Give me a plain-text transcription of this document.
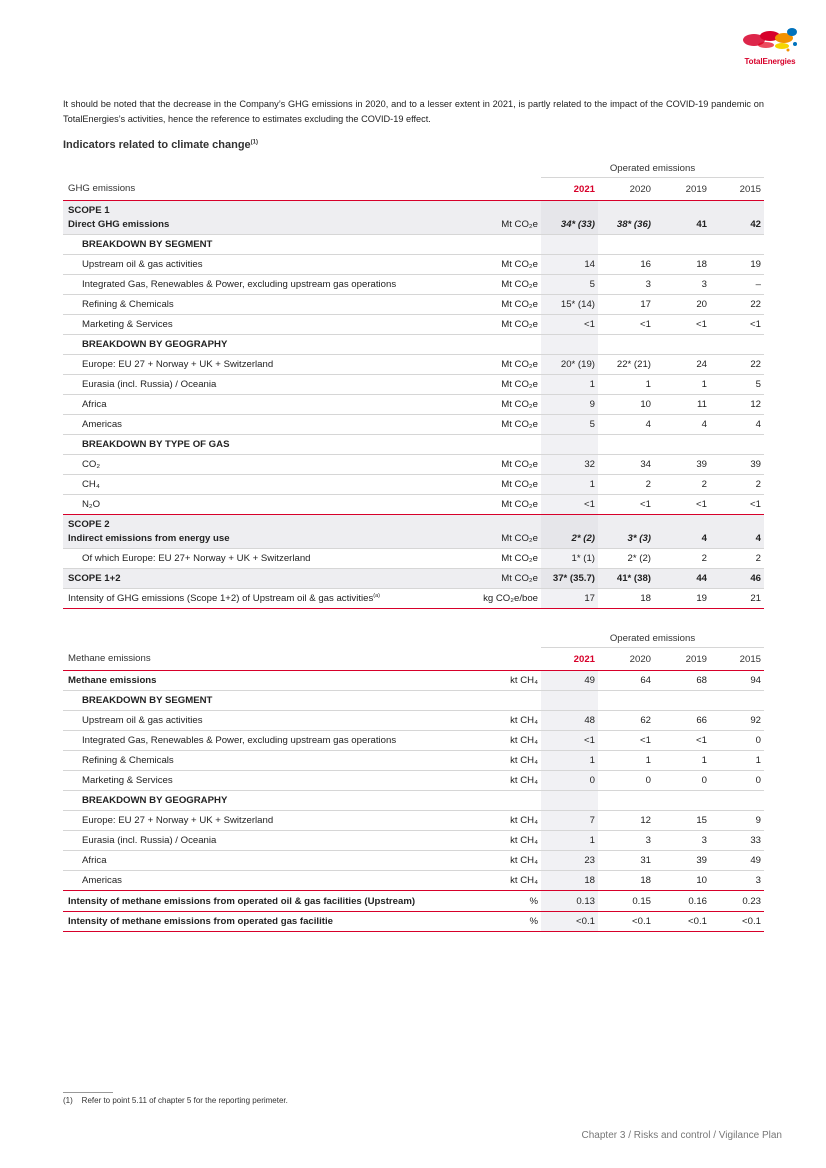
TotalEnergies

It should be noted that the decrease in the Company’s GHG emissions in 2020, and to a lesser extent in 2021, is partly related to the impact of the COVID-19 pandemic on TotalEnergies’s activities, hence the reference to estimates excluding the COVID-19 effect.

Indicators related to climate change$^{(1)}$
		Operated emissions			
GHG emissions		2021	2020	2019	2015

SCOPE 1
Direct GHG emissions	Mt CO₂e	34* (33)	38* (36)	41	42
BREAKDOWN BY SEGMENT					
Upstream oil & gas activities	Mt CO₂e	14	16	18	19
Integrated Gas, Renewables & Power, excluding upstream gas operations	Mt CO₂e	5	3	3	–
Refining & Chemicals	Mt CO₂e	15* (14)	17	20	22
Marketing & Services	Mt CO₂e	<1	<1	<1	<1
BREAKDOWN BY GEOGRAPHY					
Europe: EU 27 + Norway + UK + Switzerland	Mt CO₂e	20* (19)	22* (21)	24	22
Eurasia (incl. Russia) / Oceania	Mt CO₂e	1	1	1	5
Africa	Mt CO₂e	9	10	11	12
Americas	Mt CO₂e	5	4	4	4
BREAKDOWN BY TYPE OF GAS					
CO₂	Mt CO₂e	32	34	39	39
CH₄	Mt CO₂e	1	2	2	2
N₂O	Mt CO₂e	<1	<1	<1	<1

SCOPE 2
Indirect emissions from energy use	Mt CO₂e	2* (2)	3* (3)	4	4
Of which Europe: EU 27+ Norway + UK + Switzerland	Mt CO₂e	1* (1)	2* (2)	2	2
SCOPE 1+2	Mt CO₂e	37* (35.7)	41* (38)	44	46
Intensity of GHG emissions (Scope 1+2) of Upstream oil & gas activities$^{(a)}$	kg CO₂e/boe	17	18	19	21
		Operated emissions			
Methane emissions		2021	2020	2019	2015
Methane emissions	kt CH₄	49	64	68	94
BREAKDOWN BY SEGMENT					
Upstream oil & gas activities	kt CH₄	48	62	66	92
Integrated Gas, Renewables & Power, excluding upstream gas operations	kt CH₄	<1	<1	<1	0
Refining & Chemicals	kt CH₄	1	1	1	1
Marketing & Services	kt CH₄	0	0	0	0
BREAKDOWN BY GEOGRAPHY					
Europe: EU 27 + Norway + UK + Switzerland	kt CH₄	7	12	15	9
Eurasia (incl. Russia) / Oceania	kt CH₄	1	3	3	33
Africa	kt CH₄	23	31	39	49
Americas	kt CH₄	18	18	10	3
Intensity of methane emissions from operated oil & gas facilities (Upstream)	%	0.13	0.15	0.16	0.23
Intensity of methane emissions from operated gas facilitie	%	<0.1	<0.1	<0.1	<0.1
(1)    Refer to point 5.11 of chapter 5 for the reporting perimeter.
Chapter 3 / Risks and control / Vigilance Plan
